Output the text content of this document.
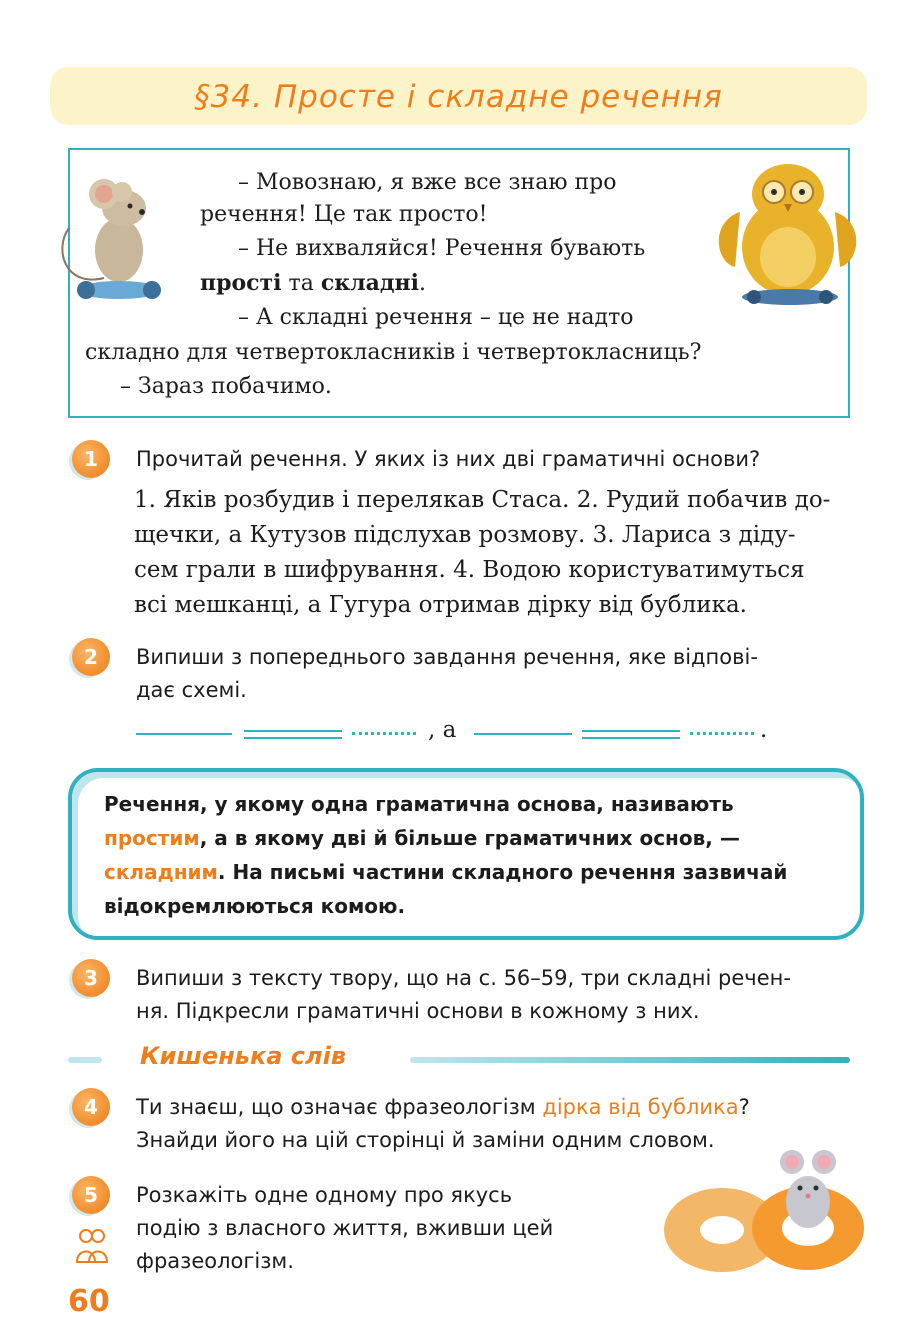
§34. Просте і складне речення
– Мовознаю, я вже все знаю про
речення! Це так просто!
– Не вихваляйся! Речення бувають
прості та складні.
– А складні речення – це не надто
складно для четвертокласників і четвертокласниць?
– Зараз побачимо.
1	Прочитай речення. У яких із них дві граматичні основи?
1. Яків розбудив і перелякав Стаса. 2. Рудий побачив до-
щечки, а Кутузов підслухав розмову. 3. Лариса з діду-
сем грали в шифрування. 4. Водою користуватимуться
всі мешканці, а Гугура отримав дірку від бублика.
2	Випиши з попереднього завдання речення, яке відпові-
дає схемі.
, а	.
Речення, у якому одна граматична основа, називають
простим, а в якому дві й більше граматичних основ, —
складним. На письмі частини складного речення зазвичай
відокремлюються комою.
3	Випиши з тексту твору, що на с. 56–59, три складні речен-
ня. Підкресли граматичні основи в кожному з них.
Кишенька слів
4	Ти знаєш, що означає фразеологізм дірка від бублика?
Знайди його на цій сторінці й заміни одним словом.
5	Розкажіть одне одному про якусь
подію з власного життя, вживши цей
фразеологізм.
60
